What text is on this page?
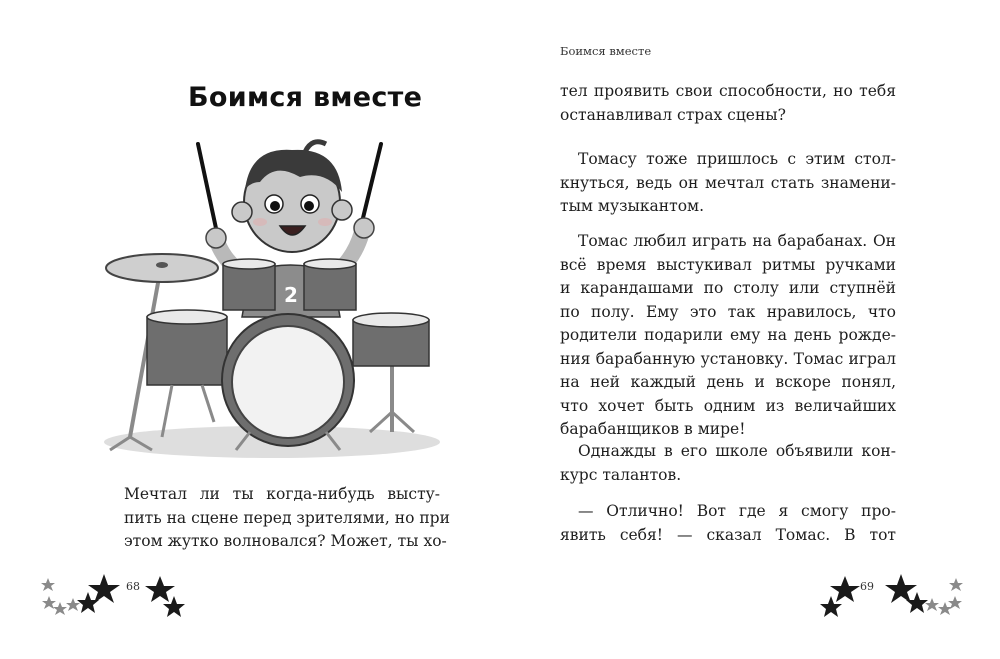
Боимся вместе
2
Мечтал ли ты когда-нибудь высту-
пить на сцене перед зрителями, но при
этом жутко волновался? Может, ты хо-
68
Боимся вместе
тел проявить свои способности, но тебя
останавливал страх сцены?
Томасу тоже пришлось с этим стол-
кнуться, ведь он мечтал стать знамени-
тым музыкантом.
Томас любил играть на барабанах. Он
всё время выстукивал ритмы ручками
и карандашами по столу или ступнёй
по полу. Ему это так нравилось, что
родители подарили ему на день рожде-
ния барабанную установку. Томас играл
на ней каждый день и вскоре понял,
что хочет быть одним из величайших
барабанщиков в мире!
Однажды в его школе объявили кон-
курс талантов.
— Отлично! Вот где я смогу про-
явить себя! — сказал Томас. В тот
69
